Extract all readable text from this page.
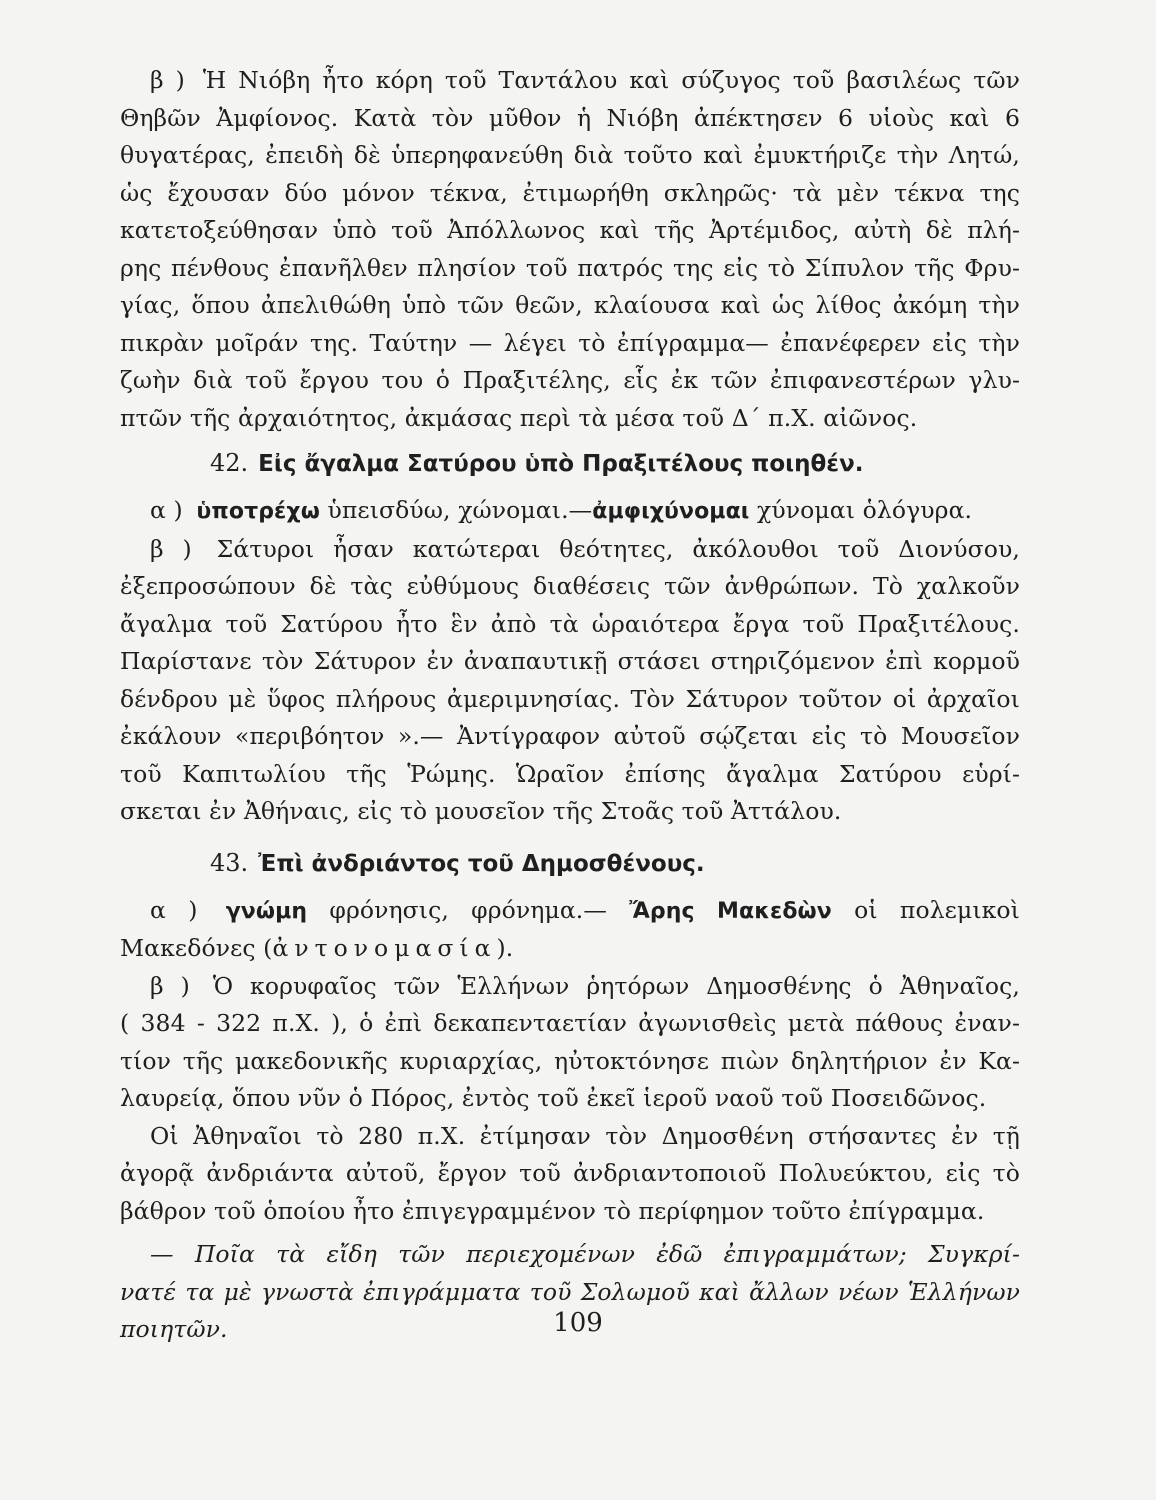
β ) Ἡ Νιόβη ἦτο κόρη τοῦ Ταντάλου καὶ σύζυγος τοῦ βασιλέως τῶν
Θηβῶν Ἀμφίονος. Κατὰ τὸν μῦθον ἡ Νιόβη ἀπέκτησεν 6 υἱοὺς καὶ 6
θυγατέρας, ἐπειδὴ δὲ ὑπερηφανεύθη διὰ τοῦτο καὶ ἐμυκτήριζε τὴν Λητώ,
ὡς ἔχουσαν δύο μόνον τέκνα, ἐτιμωρήθη σκληρῶς· τὰ μὲν τέκνα της
κατετοξεύθησαν ὑπὸ τοῦ Ἀπόλλωνος καὶ τῆς Ἀρτέμιδος, αὐτὴ δὲ πλή-
ρης πένθους ἐπανῆλθεν πλησίον τοῦ πατρός της εἰς τὸ Σίπυλον τῆς Φρυ-
γίας, ὅπου ἀπελιθώθη ὑπὸ τῶν θεῶν, κλαίουσα καὶ ὡς λίθος ἀκόμη τὴν
πικρὰν μοῖράν της. Ταύτην — λέγει τὸ ἐπίγραμμα— ἐπανέφερεν εἰς τὴν
ζωὴν διὰ τοῦ ἔργου του ὁ Πραξιτέλης, εἷς ἐκ τῶν ἐπιφανεστέρων γλυ-
πτῶν τῆς ἀρχαιότητος, ἀκμάσας περὶ τὰ μέσα τοῦ Δ΄ π.Χ. αἰῶνος.
42. Εἰς ἄγαλμα Σατύρου ὑπὸ Πραξιτέλους ποιηθέν.
α ) ὑποτρέχω ὑπεισδύω, χώνομαι.—ἀμφιχύνομαι χύνομαι ὁλόγυρα.
β ) Σάτυροι ἦσαν κατώτεραι θεότητες, ἀκόλουθοι τοῦ Διονύσου,
ἐξεπροσώπουν δὲ τὰς εὐθύμους διαθέσεις τῶν ἀνθρώπων. Τὸ χαλκοῦν
ἄγαλμα τοῦ Σατύρου ἦτο ἓν ἀπὸ τὰ ὡραιότερα ἔργα τοῦ Πραξιτέλους.
Παρίστανε τὸν Σάτυρον ἐν ἀναπαυτικῇ στάσει στηριζόμενον ἐπὶ κορμοῦ
δένδρου μὲ ὕφος πλήρους ἀμεριμνησίας. Τὸν Σάτυρον τοῦτον οἱ ἀρχαῖοι
ἐκάλουν «περιβόητον ».— Ἀντίγραφον αὐτοῦ σῴζεται εἰς τὸ Μουσεῖον
τοῦ Καπιτωλίου τῆς Ῥώμης. Ὡραῖον ἐπίσης ἄγαλμα Σατύρου εὑρί-
σκεται ἐν Ἀθήναις, εἰς τὸ μουσεῖον τῆς Στοᾶς τοῦ Ἀττάλου.
43. Ἐπὶ ἀνδριάντος τοῦ Δημοσθένους.
α ) γνώμη φρόνησις, φρόνημα.— Ἄρης Μακεδὼν οἱ πολεμικοὶ
Μακεδόνες (ἀντονομασία).
β ) Ὁ κορυφαῖος τῶν Ἑλλήνων ῥητόρων Δημοσθένης ὁ Ἀθηναῖος,
( 384 - 322 π.Χ. ), ὁ ἐπὶ δεκαπενταετίαν ἀγωνισθεὶς μετὰ πάθους ἐναν-
τίον τῆς μακεδονικῆς κυριαρχίας, ηὐτοκτόνησε πιὼν δηλητήριον ἐν Κα-
λαυρείᾳ, ὅπου νῦν ὁ Πόρος, ἐντὸς τοῦ ἐκεῖ ἱεροῦ ναοῦ τοῦ Ποσειδῶνος.
Οἱ Ἀθηναῖοι τὸ 280 π.Χ. ἐτίμησαν τὸν Δημοσθένη στήσαντες ἐν τῇ
ἀγορᾷ ἀνδριάντα αὐτοῦ, ἔργον τοῦ ἀνδριαντοποιοῦ Πολυεύκτου, εἰς τὸ
βάθρον τοῦ ὁποίου ἦτο ἐπιγεγραμμένον τὸ περίφημον τοῦτο ἐπίγραμμα.
— Ποῖα τὰ εἴδη τῶν περιεχομένων ἐδῶ ἐπιγραμμάτων; Συγκρί-
νατέ τα μὲ γνωστὰ ἐπιγράμματα τοῦ Σολωμοῦ καὶ ἄλλων νέων Ἑλλήνων
ποιητῶν.	109
